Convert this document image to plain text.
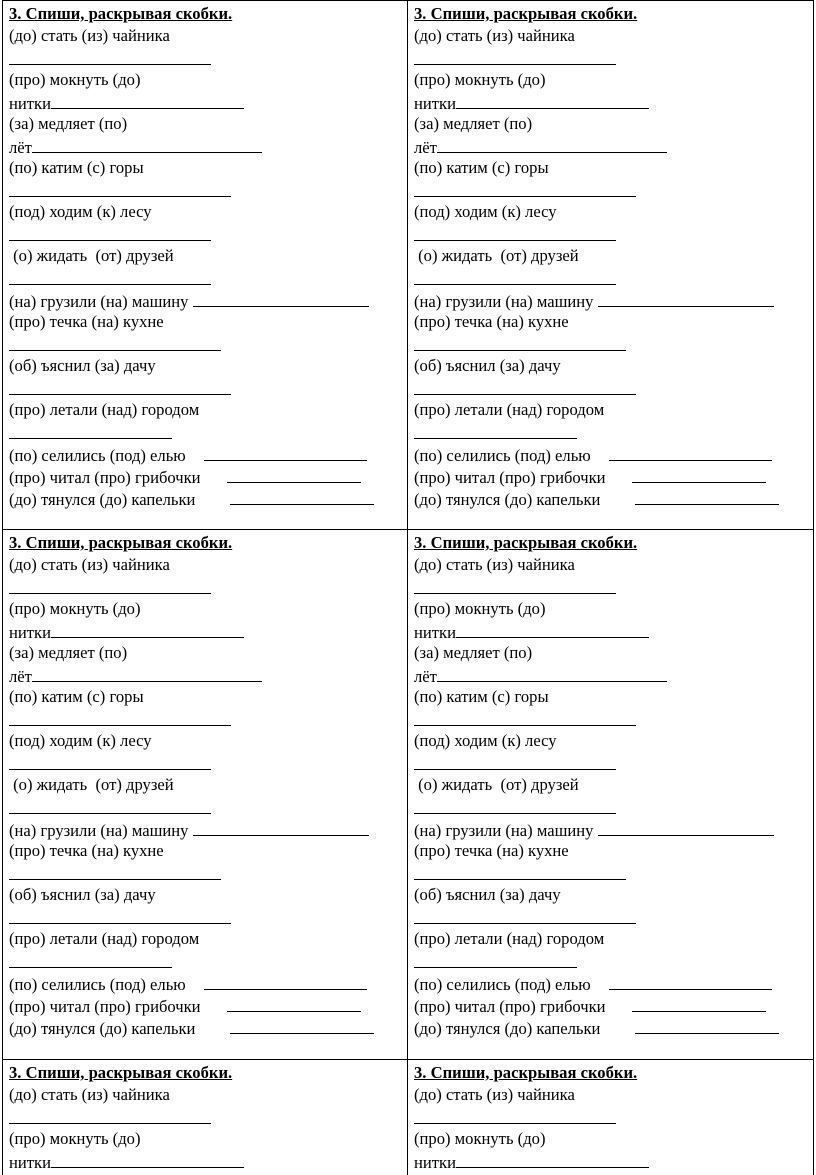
3. Спиши, раскрывая скобки.
(до) стать (из) чайника
(про) мокнуть (до)
нитки
(за) медляет (по)
лёт
(по) катим (с) горы
(под) ходим (к) лесу
(о) жидать  (от) друзей
(на) грузили (на) машину
(про) течка (на) кухне
(об) ъяснил (за) дачу
(про) летали (над) городом
(по) селились (под) елью
(про) читал (про) грибочки
(до) тянулся (до) капельки
3. Спиши, раскрывая скобки.
(до) стать (из) чайника
(про) мокнуть (до)
нитки
(за) медляет (по)
лёт
(по) катим (с) горы
(под) ходим (к) лесу
(о) жидать  (от) друзей
(на) грузили (на) машину
(про) течка (на) кухне
(об) ъяснил (за) дачу
(про) летали (над) городом
(по) селились (под) елью
(про) читал (про) грибочки
(до) тянулся (до) капельки
3. Спиши, раскрывая скобки.
(до) стать (из) чайника
(про) мокнуть (до)
нитки
(за) медляет (по)
лёт
(по) катим (с) горы
(под) ходим (к) лесу
(о) жидать  (от) друзей
(на) грузили (на) машину
(про) течка (на) кухне
(об) ъяснил (за) дачу
(про) летали (над) городом
(по) селились (под) елью
(про) читал (про) грибочки
(до) тянулся (до) капельки
3. Спиши, раскрывая скобки.
(до) стать (из) чайника
(про) мокнуть (до)
нитки
(за) медляет (по)
лёт
(по) катим (с) горы
(под) ходим (к) лесу
(о) жидать  (от) друзей
(на) грузили (на) машину
(про) течка (на) кухне
(об) ъяснил (за) дачу
(про) летали (над) городом
(по) селились (под) елью
(про) читал (про) грибочки
(до) тянулся (до) капельки
3. Спиши, раскрывая скобки.
(до) стать (из) чайника
(про) мокнуть (до)
нитки
3. Спиши, раскрывая скобки.
(до) стать (из) чайника
(про) мокнуть (до)
нитки
